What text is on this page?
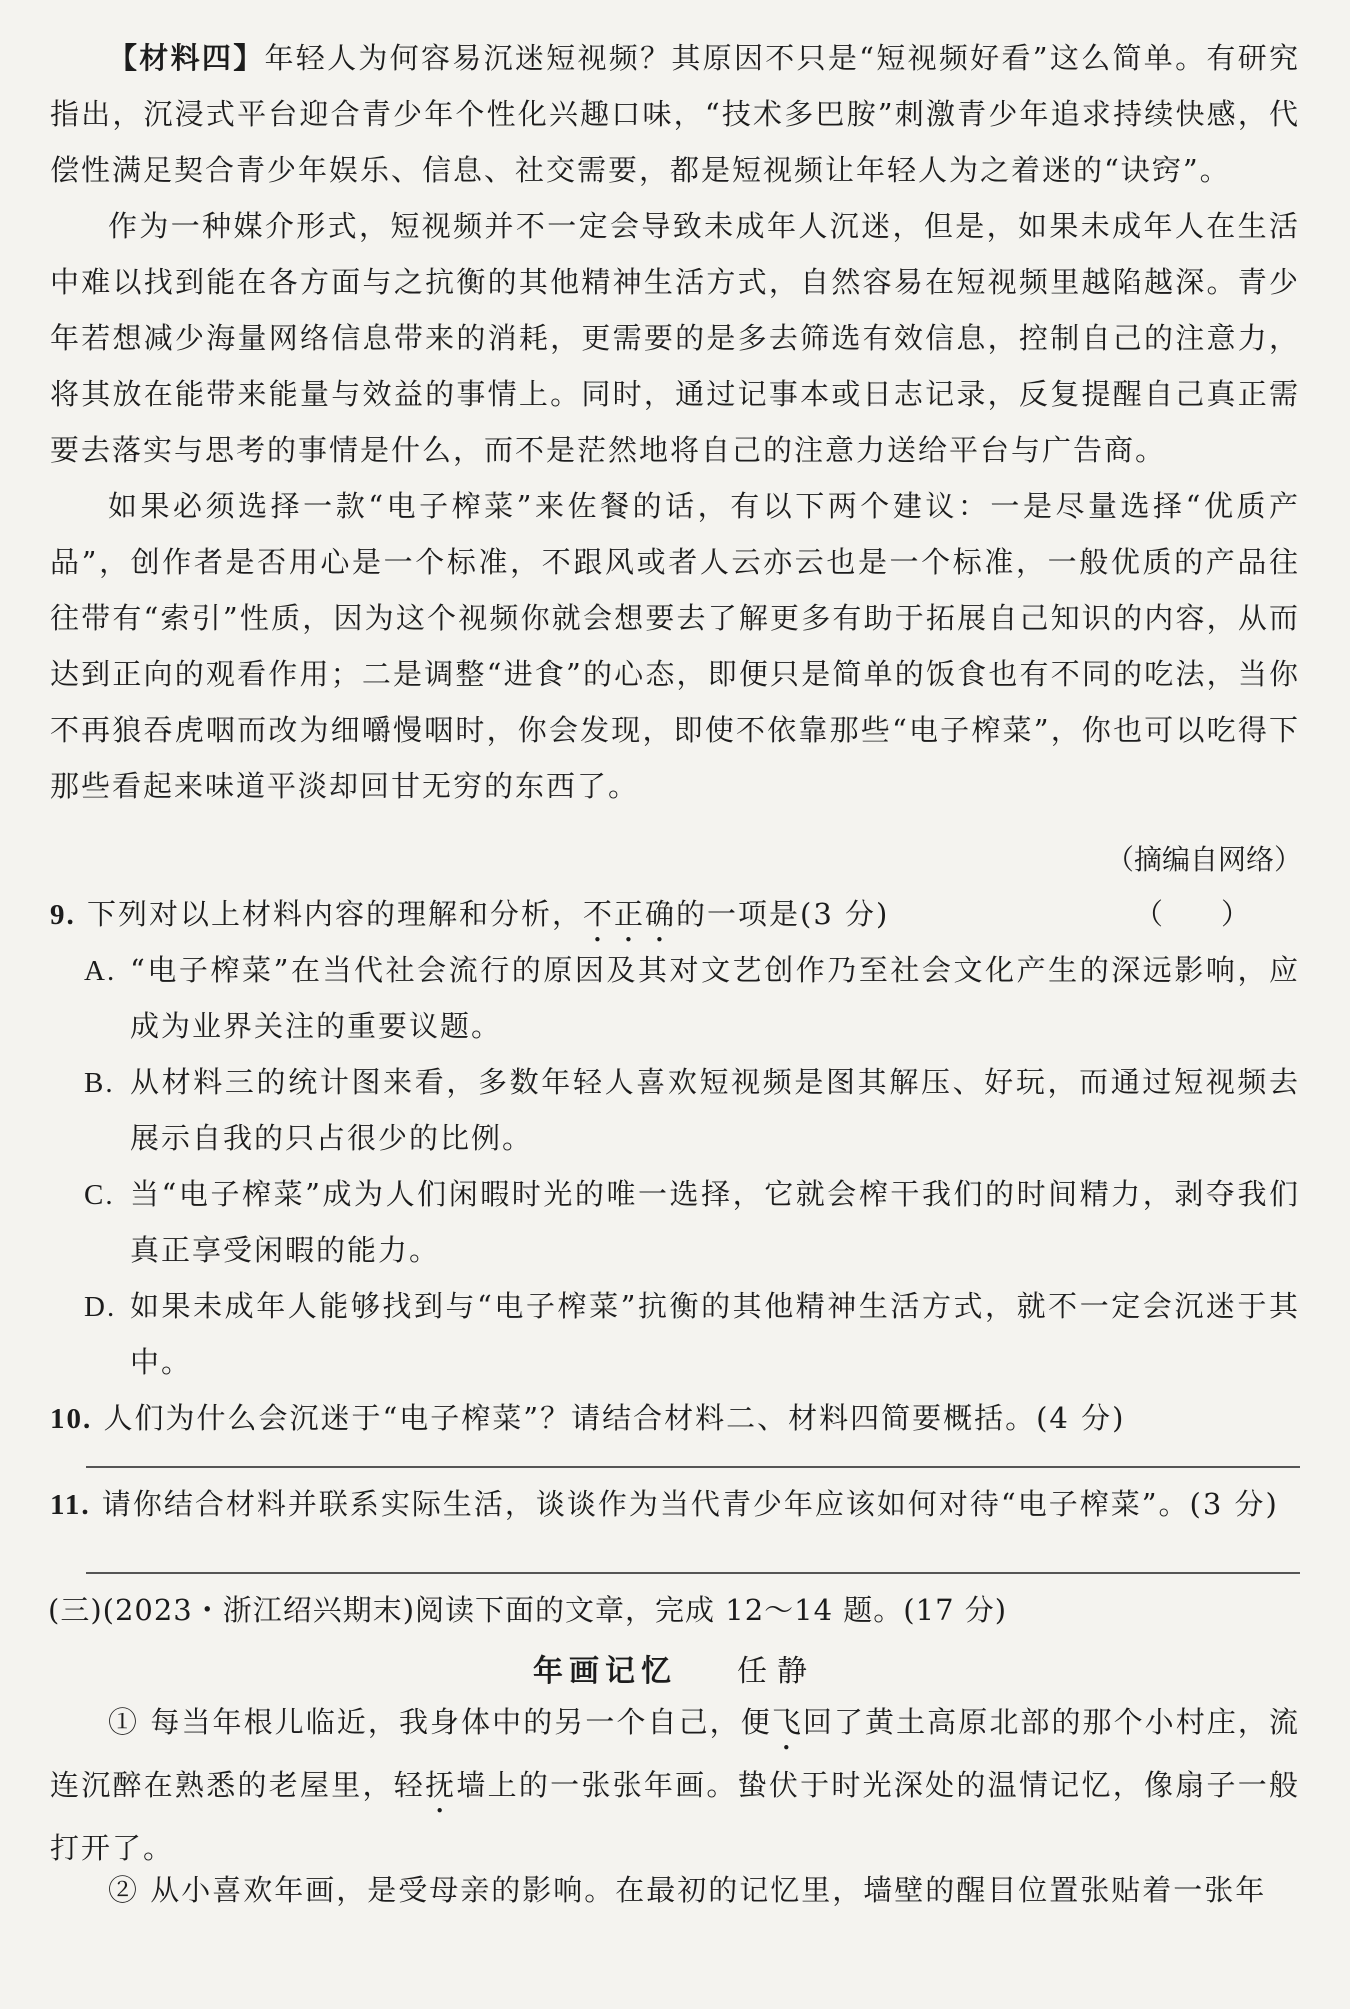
【材料四】年轻人为何容易沉迷短视频？其原因不只是“短视频好看”这么简单。有研究指出，沉浸式平台迎合青少年个性化兴趣口味，“技术多巴胺”刺激青少年追求持续快感，代偿性满足契合青少年娱乐、信息、社交需要，都是短视频让年轻人为之着迷的“诀窍”。

作为一种媒介形式，短视频并不一定会导致未成年人沉迷，但是，如果未成年人在生活中难以找到能在各方面与之抗衡的其他精神生活方式，自然容易在短视频里越陷越深。青少年若想减少海量网络信息带来的消耗，更需要的是多去筛选有效信息，控制自己的注意力，将其放在能带来能量与效益的事情上。同时，通过记事本或日志记录，反复提醒自己真正需要去落实与思考的事情是什么，而不是茫然地将自己的注意力送给平台与广告商。

如果必须选择一款“电子榨菜”来佐餐的话，有以下两个建议：一是尽量选择“优质产品”，创作者是否用心是一个标准，不跟风或者人云亦云也是一个标准，一般优质的产品往往带有“索引”性质，因为这个视频你就会想要去了解更多有助于拓展自己知识的内容，从而达到正向的观看作用；二是调整“进食”的心态，即便只是简单的饭食也有不同的吃法，当你不再狼吞虎咽而改为细嚼慢咽时，你会发现，即使不依靠那些“电子榨菜”，你也可以吃得下那些看起来味道平淡却回甘无穷的东西了。

（摘编自网络）
9. 下列对以上材料内容的理解和分析，不正确的一项是(3 分)	（　　）
A. “电子榨菜”在当代社会流行的原因及其对文艺创作乃至社会文化产生的深远影响，应成为业界关注的重要议题。
B. 从材料三的统计图来看，多数年轻人喜欢短视频是图其解压、好玩，而通过短视频去展示自我的只占很少的比例。
C. 当“电子榨菜”成为人们闲暇时光的唯一选择，它就会榨干我们的时间精力，剥夺我们真正享受闲暇的能力。
D. 如果未成年人能够找到与“电子榨菜”抗衡的其他精神生活方式，就不一定会沉迷于其中。
10. 人们为什么会沉迷于“电子榨菜”？请结合材料二、材料四简要概括。(4 分)
11. 请你结合材料并联系实际生活，谈谈作为当代青少年应该如何对待“电子榨菜”。(3 分)
(三)(2023・浙江绍兴期末)阅读下面的文章，完成 12～14 题。(17 分)
年画记忆 任静

① 每当年根儿临近，我身体中的另一个自己，便飞回了黄土高原北部的那个小村庄，流连沉醉在熟悉的老屋里，轻抚墙上的一张张年画。蛰伏于时光深处的温情记忆，像扇子一般打开了。

② 从小喜欢年画，是受母亲的影响。在最初的记忆里，墙壁的醒目位置张贴着一张年
